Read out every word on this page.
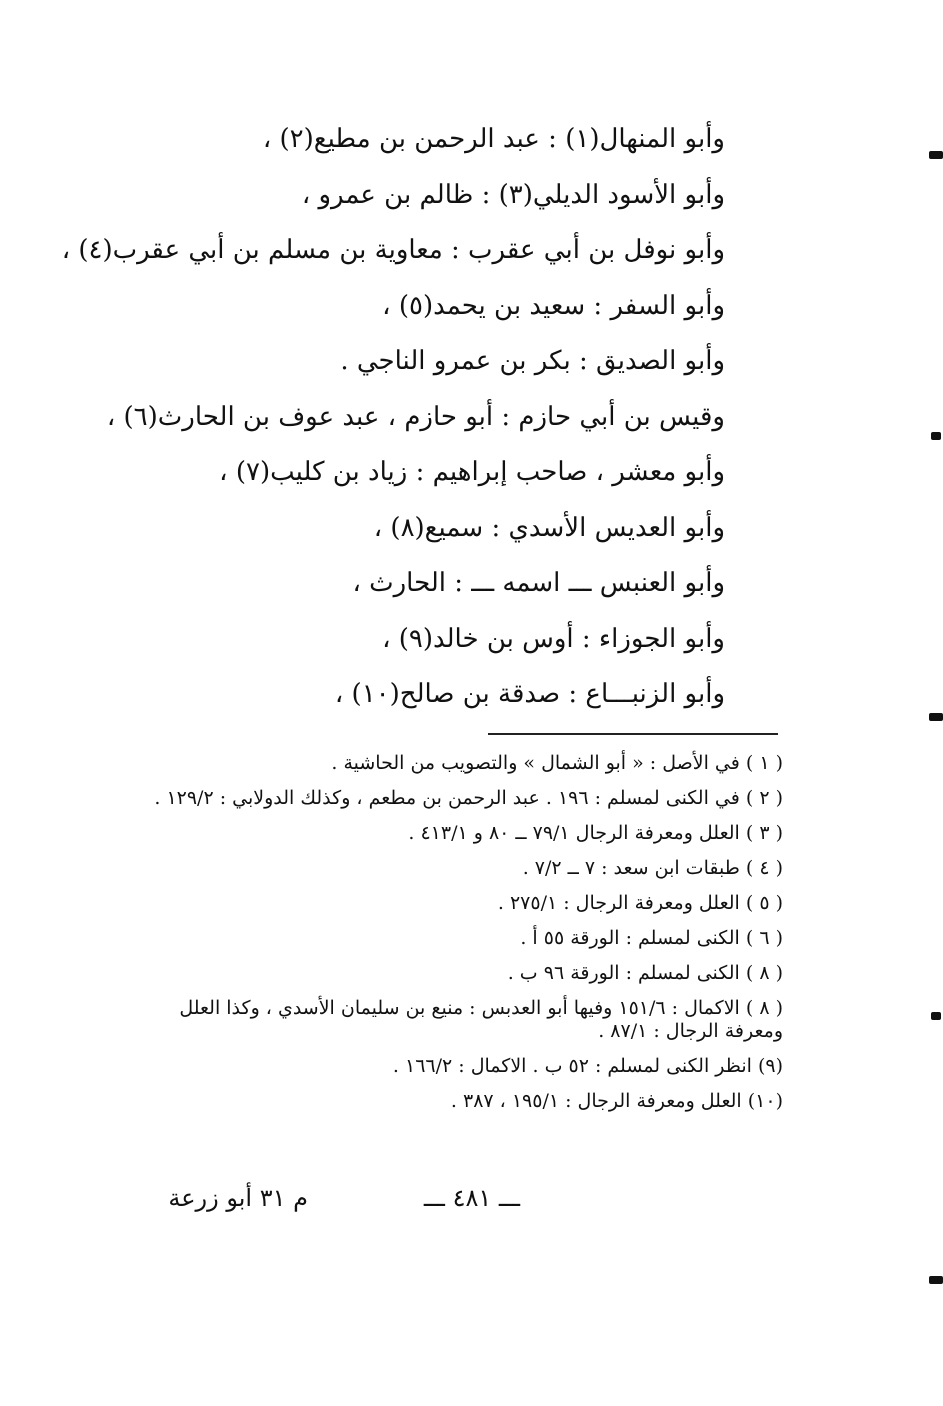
وأبو المنهال(١) : عبد الرحمن بن مطيع(٢) ،
وأبو الأسود الديلي(٣) : ظالم بن عمرو ،
وأبو نوفل بن أبي عقرب : معاوية بن مسلم بن أبي عقرب(٤) ،
وأبو السفر : سعيد بن يحمد(٥) ،
وأبو الصديق : بكر بن عمرو الناجي .
وقيس بن أبي حازم : أبو حازم ، عبد عوف بن الحارث(٦) ،
وأبو معشر ، صاحب إبراهيم : زياد بن كليب(٧) ،
وأبو العديس الأسدي : سميع(٨) ،
وأبو العنبس ـــ اسمه ـــ : الحارث ،
وأبو الجوزاء : أوس بن خالد(٩) ،
وأبو الزنبـــاع : صدقة بن صالح(١٠) ،
( ١ ) في الأصل : « أبو الشمال » والتصويب من الحاشية .
( ٢ ) في الكنى لمسلم : ١٩٦ . عبد الرحمن بن مطعم ، وكذلك الدولابي : ١٢٩/٢ .
( ٣ ) العلل ومعرفة الرجال ٧٩/١ ــ ٨٠ و ٤١٣/١ .
( ٤ ) طبقات ابن سعد : ٧ ــ ٧/٢ .
( ٥ ) العلل ومعرفة الرجال : ٢٧٥/١ .
( ٦ ) الكنى لمسلم : الورقة ٥٥ أ .
( ٨ ) الكنى لمسلم : الورقة ٩٦ ب .
( ٨ ) الاكمال : ١٥١/٦ وفيها أبو العدبس : منيع بن سليمان الأسدي ، وكذا العلل ومعرفة الرجال : ٨٧/١ .
(٩) انظر الكنى لمسلم : ٥٢ ب . الاكمال : ١٦٦/٢ .
(١٠) العلل ومعرفة الرجال : ١٩٥/١ ، ٣٨٧ .
ـــ ٤٨١ ـــ
م ٣١ أبو زرعة
